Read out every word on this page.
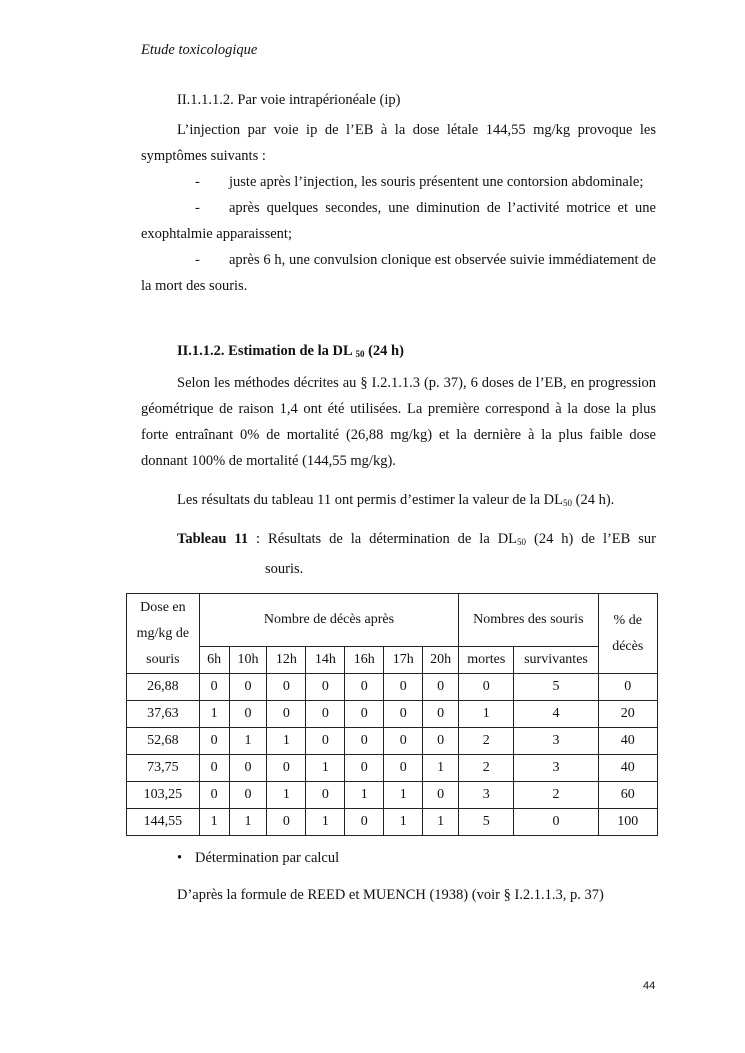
Etude toxicologique
II.1.1.1.2. Par voie intrapérionéale (ip)
L’injection par voie ip de l’EB à la dose létale 144,55 mg/kg provoque les symptômes suivants :
- juste après l’injection, les souris présentent une contorsion abdominale;
- après quelques secondes, une diminution de l’activité motrice et une exophtalmie apparaissent;
- après 6 h, une convulsion clonique est observée suivie immédiatement de la mort des souris.
II.1.1.2. Estimation de la DL $_{50}$ (24 h)
Selon les méthodes décrites au § I.2.1.1.3 (p. 37), 6 doses de l’EB, en progression géométrique de raison 1,4 ont été utilisées. La première correspond à la dose la plus forte entraînant 0% de mortalité (26,88 mg/kg) et la dernière à la plus faible dose donnant 100% de mortalité (144,55 mg/kg).
Les résultats du tableau 11 ont permis d’estimer la valeur de la $DL_{50}$ (24 h).
Tableau 11 : Résultats de la détermination de la $DL_{50}$ (24 h) de l’EB sur
souris.
Dose en mg/kg de souris	Nombre de décès après							Nombres des souris		% de décès
	6h	10h	12h	14h	16h	17h	20h	mortes	survivantes	
26,88	0	0	0	0	0	0	0	0	5	0
37,63	1	0	0	0	0	0	0	1	4	20
52,68	0	1	1	0	0	0	0	2	3	40
73,75	0	0	0	1	0	0	1	2	3	40
103,25	0	0	1	0	1	1	0	3	2	60
144,55	1	1	0	1	0	1	1	5	0	100
• Détermination par calcul
D’après la formule de REED et MUENCH (1938) (voir § I.2.1.1.3, p. 37)
44
